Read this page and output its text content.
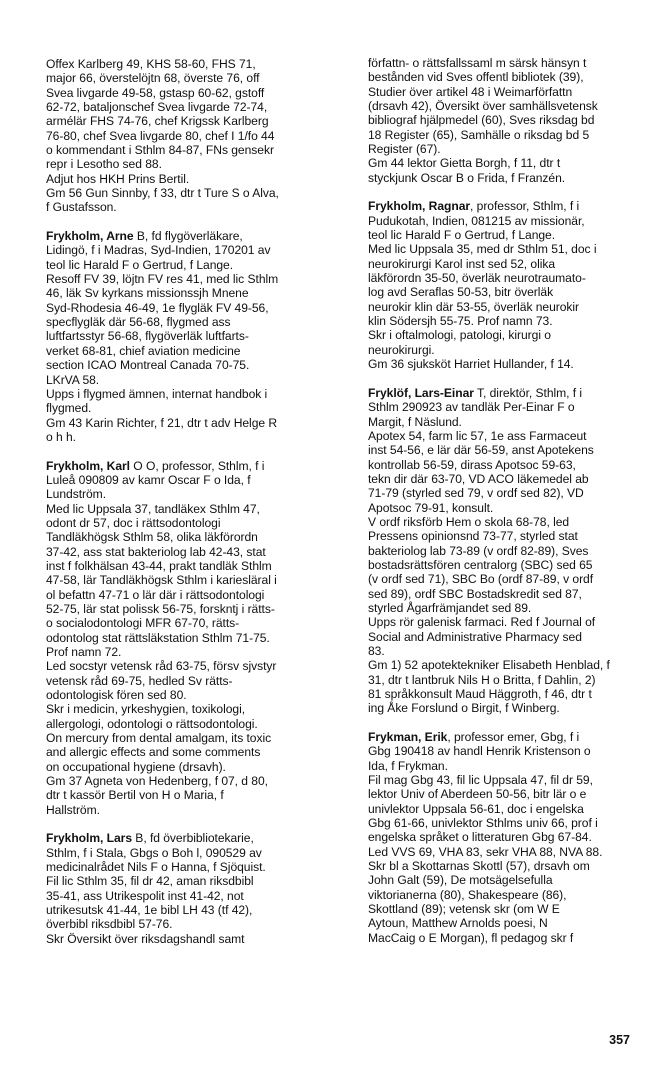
Offex Karlberg 49, KHS 58-60, FHS 71,
major 66, överstelöjtn 68, överste 76, off
Svea livgarde 49-58, gstasp 60-62, gstoff
62-72, bataljonschef Svea livgarde 72-74,
armélär FHS 74-76, chef Krigssk Karlberg
76-80, chef Svea livgarde 80, chef I 1/fo 44
o kommendant i Sthlm 84-87, FNs gensekr
repr i Lesotho sed 88.
Adjut hos HKH Prins Bertil.
Gm 56 Gun Sinnby, f 33, dtr t Ture S o Alva,
f Gustafsson.
Frykholm, Arne B, fd flygöverläkare,
Lidingö, f i Madras, Syd-Indien, 170201 av
teol lic Harald F o Gertrud, f Lange.
Resoff FV 39, löjtn FV res 41, med lic Sthlm
46, läk Sv kyrkans missionssjh Mnene
Syd-Rhodesia 46-49, 1e flygläk FV 49-56,
specflygläk där 56-68, flygmed ass
luftfartsstyr 56-68, flygöverläk luftfarts-
verket 68-81, chief aviation medicine
section ICAO Montreal Canada 70-75.
LKrVA 58.
Upps i flygmed ämnen, internat handbok i
flygmed.
Gm 43 Karin Richter, f 21, dtr t adv Helge R
o h h.
Frykholm, Karl O O, professor, Sthlm, f i
Luleå 090809 av kamr Oscar F o Ida, f
Lundström.
Med lic Uppsala 37, tandläkex Sthlm 47,
odont dr 57, doc i rättsodontologi
Tandläkhögsk Sthlm 58, olika läkförordn
37-42, ass stat bakteriolog lab 42-43, stat
inst f folkhälsan 43-44, prakt tandläk Sthlm
47-58, lär Tandläkhögsk Sthlm i kariesläral i
ol befattn 47-71 o lär där i rättsodontologi
52-75, lär stat polissk 56-75, forskntj i rätts-
o socialodontologi MFR 67-70, rätts-
odontolog stat rättsläkstation Sthlm 71-75.
Prof namn 72.
Led socstyr vetensk råd 63-75, försv sjvstyr
vetensk råd 69-75, hedled Sv rätts-
odontologisk fören sed 80.
Skr i medicin, yrkeshygien, toxikologi,
allergologi, odontologi o rättsodontologi.
On mercury from dental amalgam, its toxic
and allergic effects and some comments
on occupational hygiene (drsavh).
Gm 37 Agneta von Hedenberg, f 07, d 80,
dtr t kassör Bertil von H o Maria, f
Hallström.
Frykholm, Lars B, fd överbibliotekarie,
Sthlm, f i Stala, Gbgs o Boh l, 090529 av
medicinalrådet Nils F o Hanna, f Sjöquist.
Fil lic Sthlm 35, fil dr 42, aman riksdbibl
35-41, ass Utrikespolit inst 41-42, not
utrikesutsk 41-44, 1e bibl LH 43 (tf 42),
överbibl riksdbibl 57-76.
Skr Översikt över riksdagshandl samt
författn- o rättsfallssaml m särsk hänsyn t
bestånden vid Sves offentl bibliotek (39),
Studier över artikel 48 i Weimarförfattn
(drsavh 42), Översikt över samhällsvetensk
bibliograf hjälpmedel (60), Sves riksdag bd
18 Register (65), Samhälle o riksdag bd 5
Register (67).
Gm 44 lektor Gietta Borgh, f 11, dtr t
styckjunk Oscar B o Frida, f Franzén.
Frykholm, Ragnar, professor, Sthlm, f i
Pudukotah, Indien, 081215 av missionär,
teol lic Harald F o Gertrud, f Lange.
Med lic Uppsala 35, med dr Sthlm 51, doc i
neurokirurgi Karol inst sed 52, olika
läkförordn 35-50, överläk neurotraumato-
log avd Seraflas 50-53, bitr överläk
neurokir klin där 53-55, överläk neurokir
klin Södersjh 55-75. Prof namn 73.
Skr i oftalmologi, patologi, kirurgi o
neurokirurgi.
Gm 36 sjuksköt Harriet Hullander, f 14.
Fryklöf, Lars-Einar T, direktör, Sthlm, f i
Sthlm 290923 av tandläk Per-Einar F o
Margit, f Näslund.
Apotex 54, farm lic 57, 1e ass Farmaceut
inst 54-56, e lär där 56-59, anst Apotekens
kontrollab 56-59, dirass Apotsoc 59-63,
tekn dir där 63-70, VD ACO läkemedel ab
71-79 (styrled sed 79, v ordf sed 82), VD
Apotsoc 79-91, konsult.
V ordf riksförb Hem o skola 68-78, led
Pressens opinionsnd 73-77, styrled stat
bakteriolog lab 73-89 (v ordf 82-89), Sves
bostadsrättsfören centralorg (SBC) sed 65
(v ordf sed 71), SBC Bo (ordf 87-89, v ordf
sed 89), ordf SBC Bostadskredit sed 87,
styrled Ågarfrämjandet sed 89.
Upps rör galenisk farmaci. Red f Journal of
Social and Administrative Pharmacy sed
83.
Gm 1) 52 apotektekniker Elisabeth Henblad, f
31, dtr t lantbruk Nils H o Britta, f Dahlin, 2)
81 språkkonsult Maud Häggroth, f 46, dtr t
ing Åke Forslund o Birgit, f Winberg.
Frykman, Erik, professor emer, Gbg, f i
Gbg 190418 av handl Henrik Kristenson o
Ida, f Frykman.
Fil mag Gbg 43, fil lic Uppsala 47, fil dr 59,
lektor Univ of Aberdeen 50-56, bitr lär o e
univlektor Uppsala 56-61, doc i engelska
Gbg 61-66, univlektor Sthlms univ 66, prof i
engelska språket o litteraturen Gbg 67-84.
Led VVS 69, VHA 83, sekr VHA 88, NVA 88.
Skr bl a Skottarnas Skottl (57), drsavh om
John Galt (59), De motsägelsefulla
viktorianerna (80), Shakespeare (86),
Skottland (89); vetensk skr (om W E
Aytoun, Matthew Arnolds poesi, N
MacCaig o E Morgan), fl pedagog skr f
357
